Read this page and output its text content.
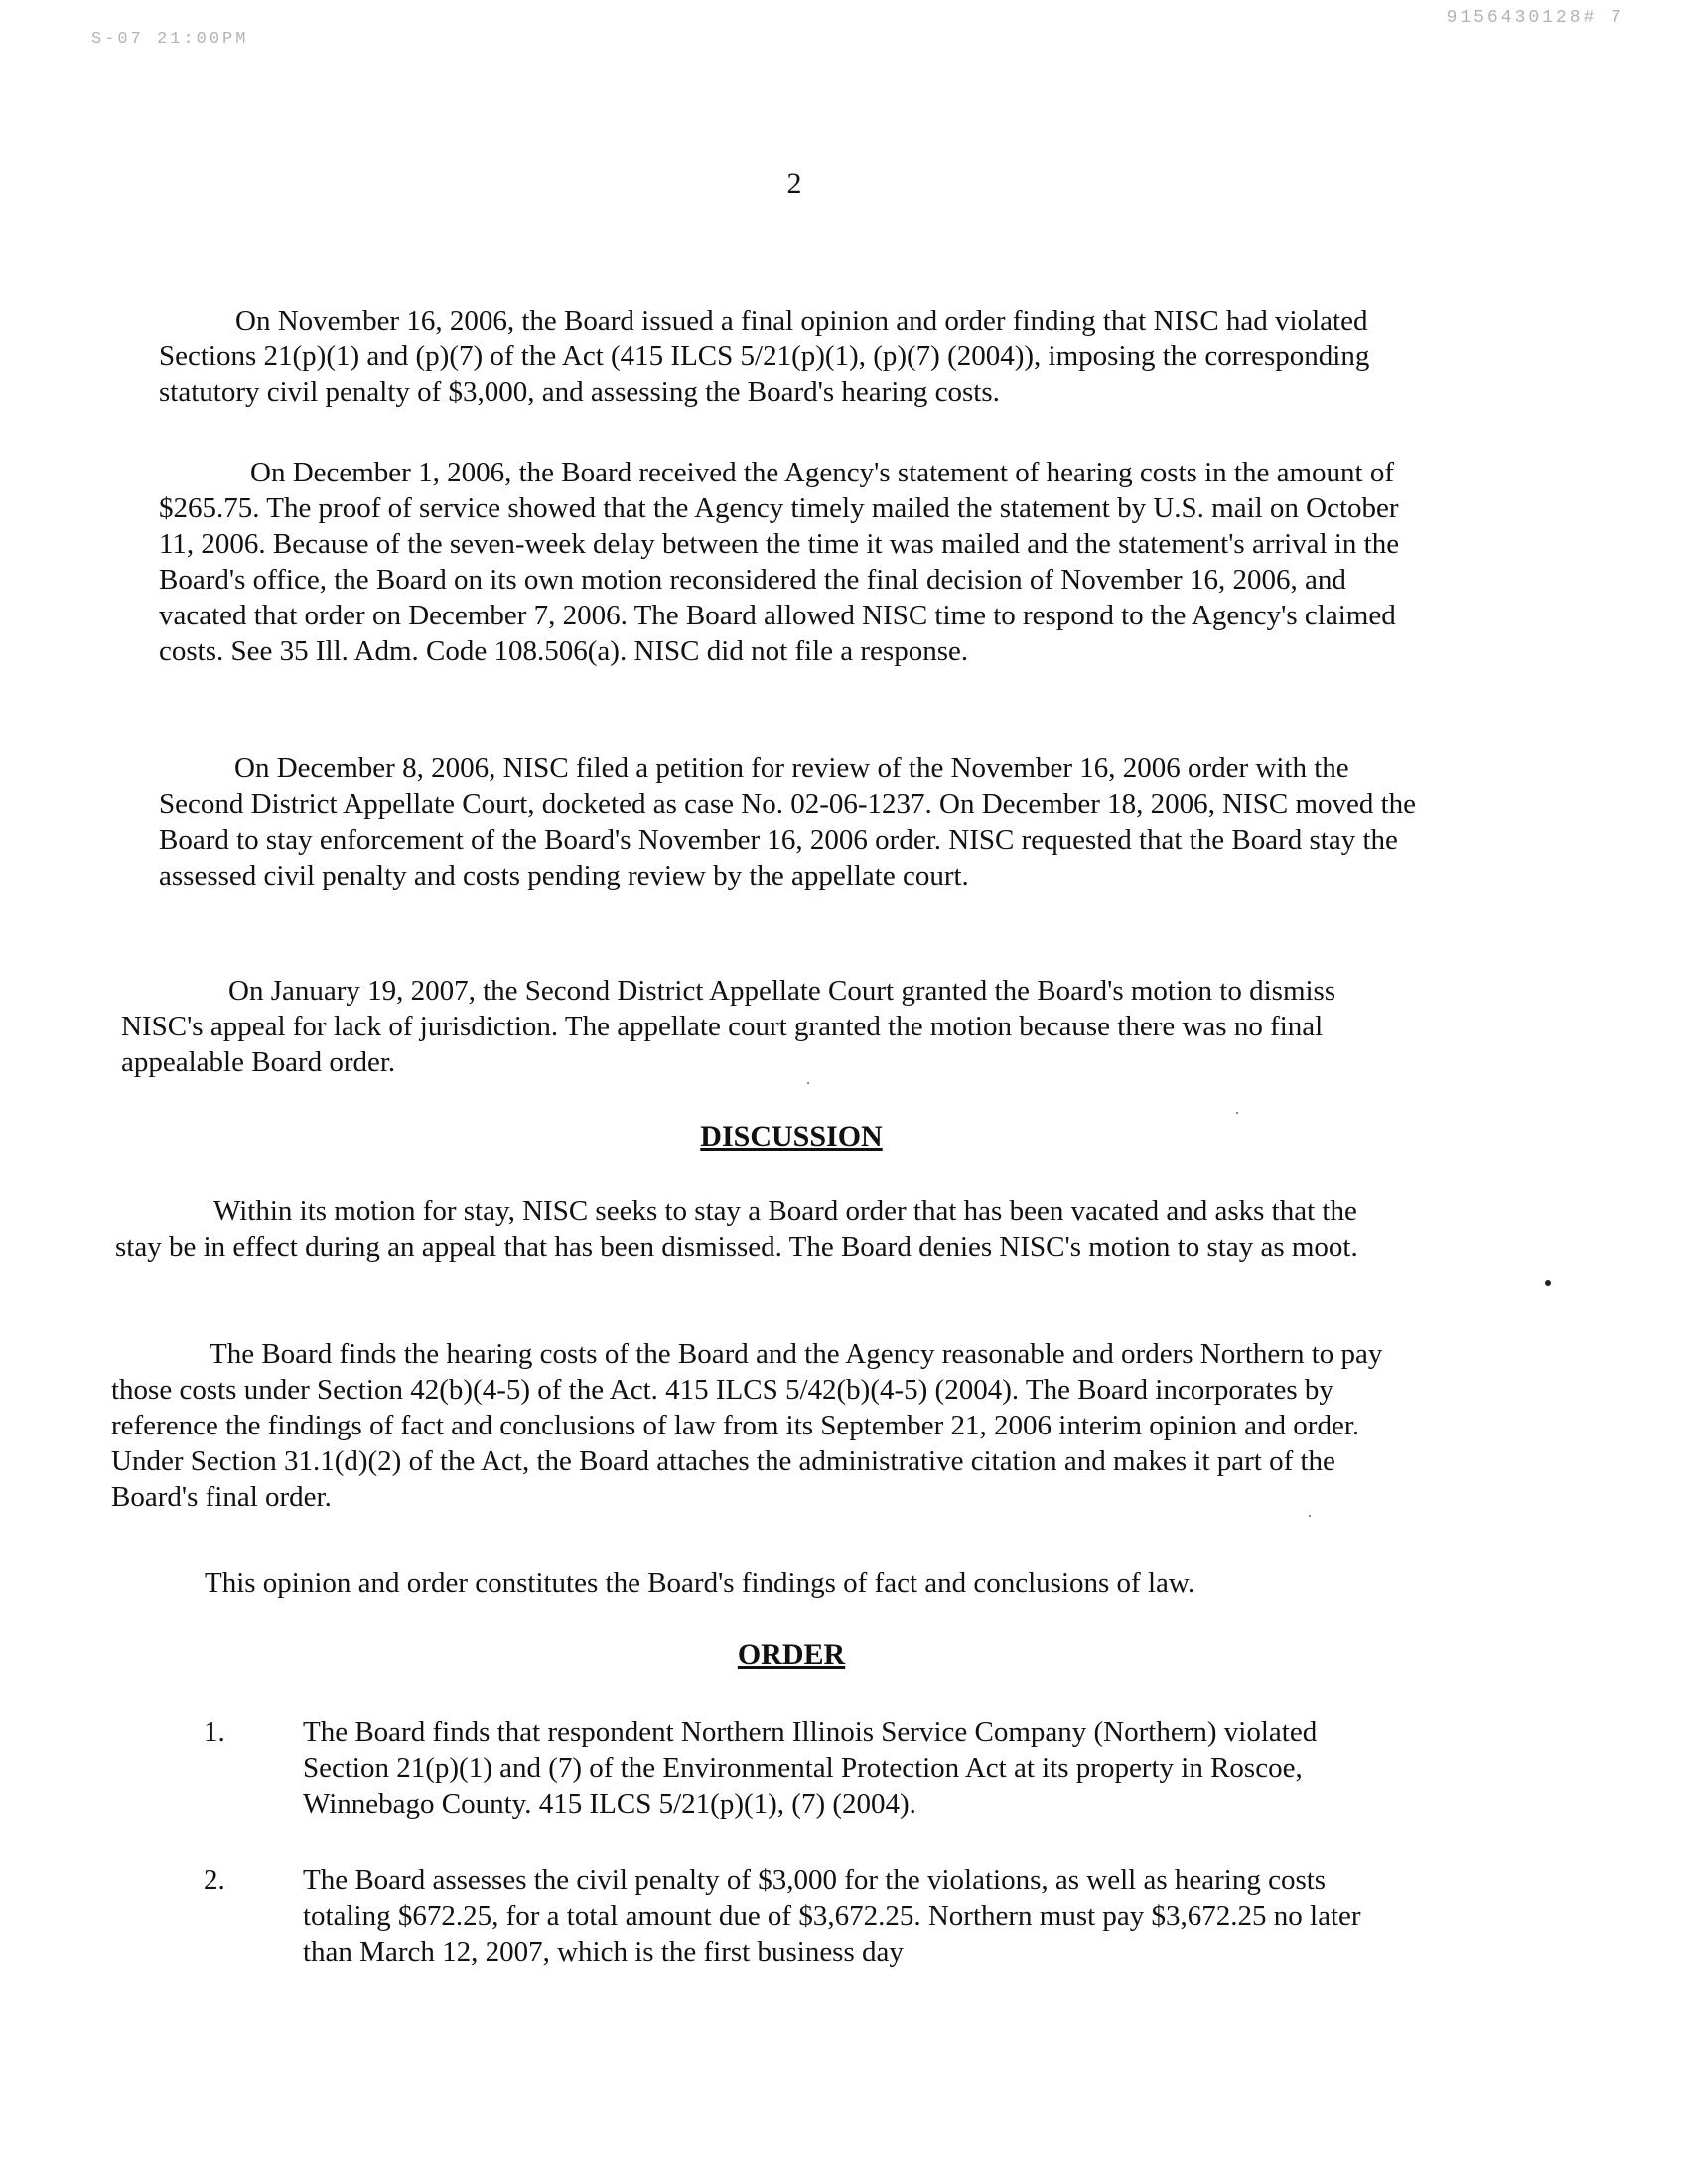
S-07 21:00PM
9156430128# 7
2

On November 16, 2006, the Board issued a final opinion and order finding that NISC had violated Sections 21(p)(1) and (p)(7) of the Act (415 ILCS 5/21(p)(1), (p)(7) (2004)), imposing the corresponding statutory civil penalty of $3,000, and assessing the Board's hearing costs.

On December 1, 2006, the Board received the Agency's statement of hearing costs in the amount of $265.75. The proof of service showed that the Agency timely mailed the statement by U.S. mail on October 11, 2006. Because of the seven-week delay between the time it was mailed and the statement's arrival in the Board's office, the Board on its own motion reconsidered the final decision of November 16, 2006, and vacated that order on December 7, 2006. The Board allowed NISC time to respond to the Agency's claimed costs. See 35 Ill. Adm. Code 108.506(a). NISC did not file a response.

On December 8, 2006, NISC filed a petition for review of the November 16, 2006 order with the Second District Appellate Court, docketed as case No. 02-06-1237. On December 18, 2006, NISC moved the Board to stay enforcement of the Board's November 16, 2006 order. NISC requested that the Board stay the assessed civil penalty and costs pending review by the appellate court.

On January 19, 2007, the Second District Appellate Court granted the Board's motion to dismiss NISC's appeal for lack of jurisdiction. The appellate court granted the motion because there was no final appealable Board order.

DISCUSSION

Within its motion for stay, NISC seeks to stay a Board order that has been vacated and asks that the stay be in effect during an appeal that has been dismissed. The Board denies NISC's motion to stay as moot.

The Board finds the hearing costs of the Board and the Agency reasonable and orders Northern to pay those costs under Section 42(b)(4-5) of the Act. 415 ILCS 5/42(b)(4-5) (2004). The Board incorporates by reference the findings of fact and conclusions of law from its September 21, 2006 interim opinion and order. Under Section 31.1(d)(2) of the Act, the Board attaches the administrative citation and makes it part of the Board's final order.

This opinion and order constitutes the Board's findings of fact and conclusions of law.

ORDER
1.	The Board finds that respondent Northern Illinois Service Company (Northern) violated Section 21(p)(1) and (7) of the Environmental Protection Act at its property in Roscoe, Winnebago County. 415 ILCS 5/21(p)(1), (7) (2004).

2.	The Board assesses the civil penalty of $3,000 for the violations, as well as hearing costs totaling $672.25, for a total amount due of $3,672.25. Northern must pay $3,672.25 no later than March 12, 2007, which is the first business day
